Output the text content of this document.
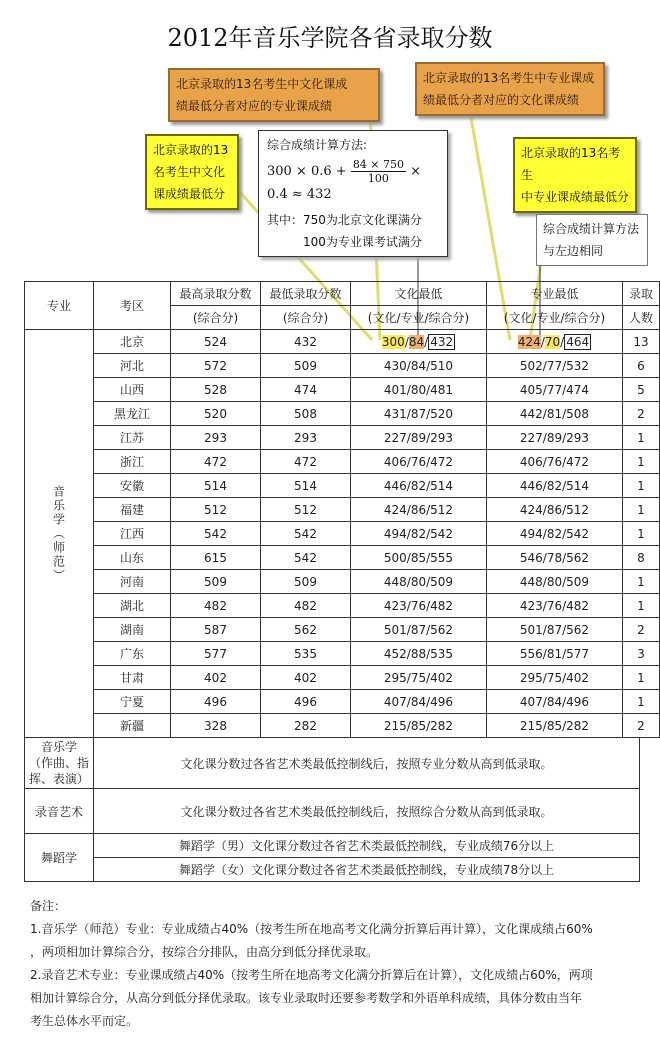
2012年音乐学院各省录取分数
北京录取的13名考生中文化课成
绩最低分者对应的专业课成绩
北京录取的13名考生中专业课成
绩最低分者对应的文化课成绩
北京录取的13
名考生中文化
课成绩最低分
综合成绩计算方法:
$300 \times 0.6 + \frac{84 \times 750}{100} \times 0.4 \approx 432$
其中：750为北京文化课满分
100为专业课考试满分
北京录取的13名考生
中专业课成绩最低分
综合成绩计算方法
与左边相同
专业	考区	最高录取分数	最低录取分数	文化最低	专业最低	录取
		(综合分)	(综合分)	(文化/专业/综合分)	(文化/专业/综合分)	人数

音乐学（师范）	北京	524	432	300/84/ 432	424/70/ 464	13
	河北	572	509	430/84/510	502/77/532	6
	山西	528	474	401/80/481	405/77/474	5
	黑龙江	520	508	431/87/520	442/81/508	2
	江苏	293	293	227/89/293	227/89/293	1
	浙江	472	472	406/76/472	406/76/472	1
	安徽	514	514	446/82/514	446/82/514	1
	福建	512	512	424/86/512	424/86/512	1
	江西	542	542	494/82/542	494/82/542	1
	山东	615	542	500/85/555	546/78/562	8
	河南	509	509	448/80/509	448/80/509	1
	湖北	482	482	423/76/482	423/76/482	1
	湖南	587	562	501/87/562	501/87/562	2
	广东	577	535	452/88/535	556/81/577	3
	甘肃	402	402	295/75/402	295/75/402	1
	宁夏	496	496	407/84/496	407/84/496	1
	新疆	328	282	215/85/282	215/85/282	2
音乐学
（作曲、指
挥、表演）	文化课分数过各省艺术类最低控制线后，按照专业分数从高到低录取。
录音艺术	文化课分数过各省艺术类最低控制线后，按照综合分数从高到低录取。
舞蹈学	舞蹈学（男）文化课分数过各省艺术类最低控制线，专业成绩76分以上
	舞蹈学（女）文化课分数过各省艺术类最低控制线，专业成绩78分以上

备注：

1.音乐学（师范）专业：专业成绩占40%（按考生所在地高考文化满分折算后再计算），文化课成绩占60%

，两项相加计算综合分，按综合分排队，由高分到低分择优录取。

2.录音艺术专业：专业课成绩占40%（按考生所在地高考文化满分折算后在计算），文化成绩占60%，两项

相加计算综合分，从高分到低分择优录取。该专业录取时还要参考数学和外语单科成绩，具体分数由当年

考生总体水平而定。
